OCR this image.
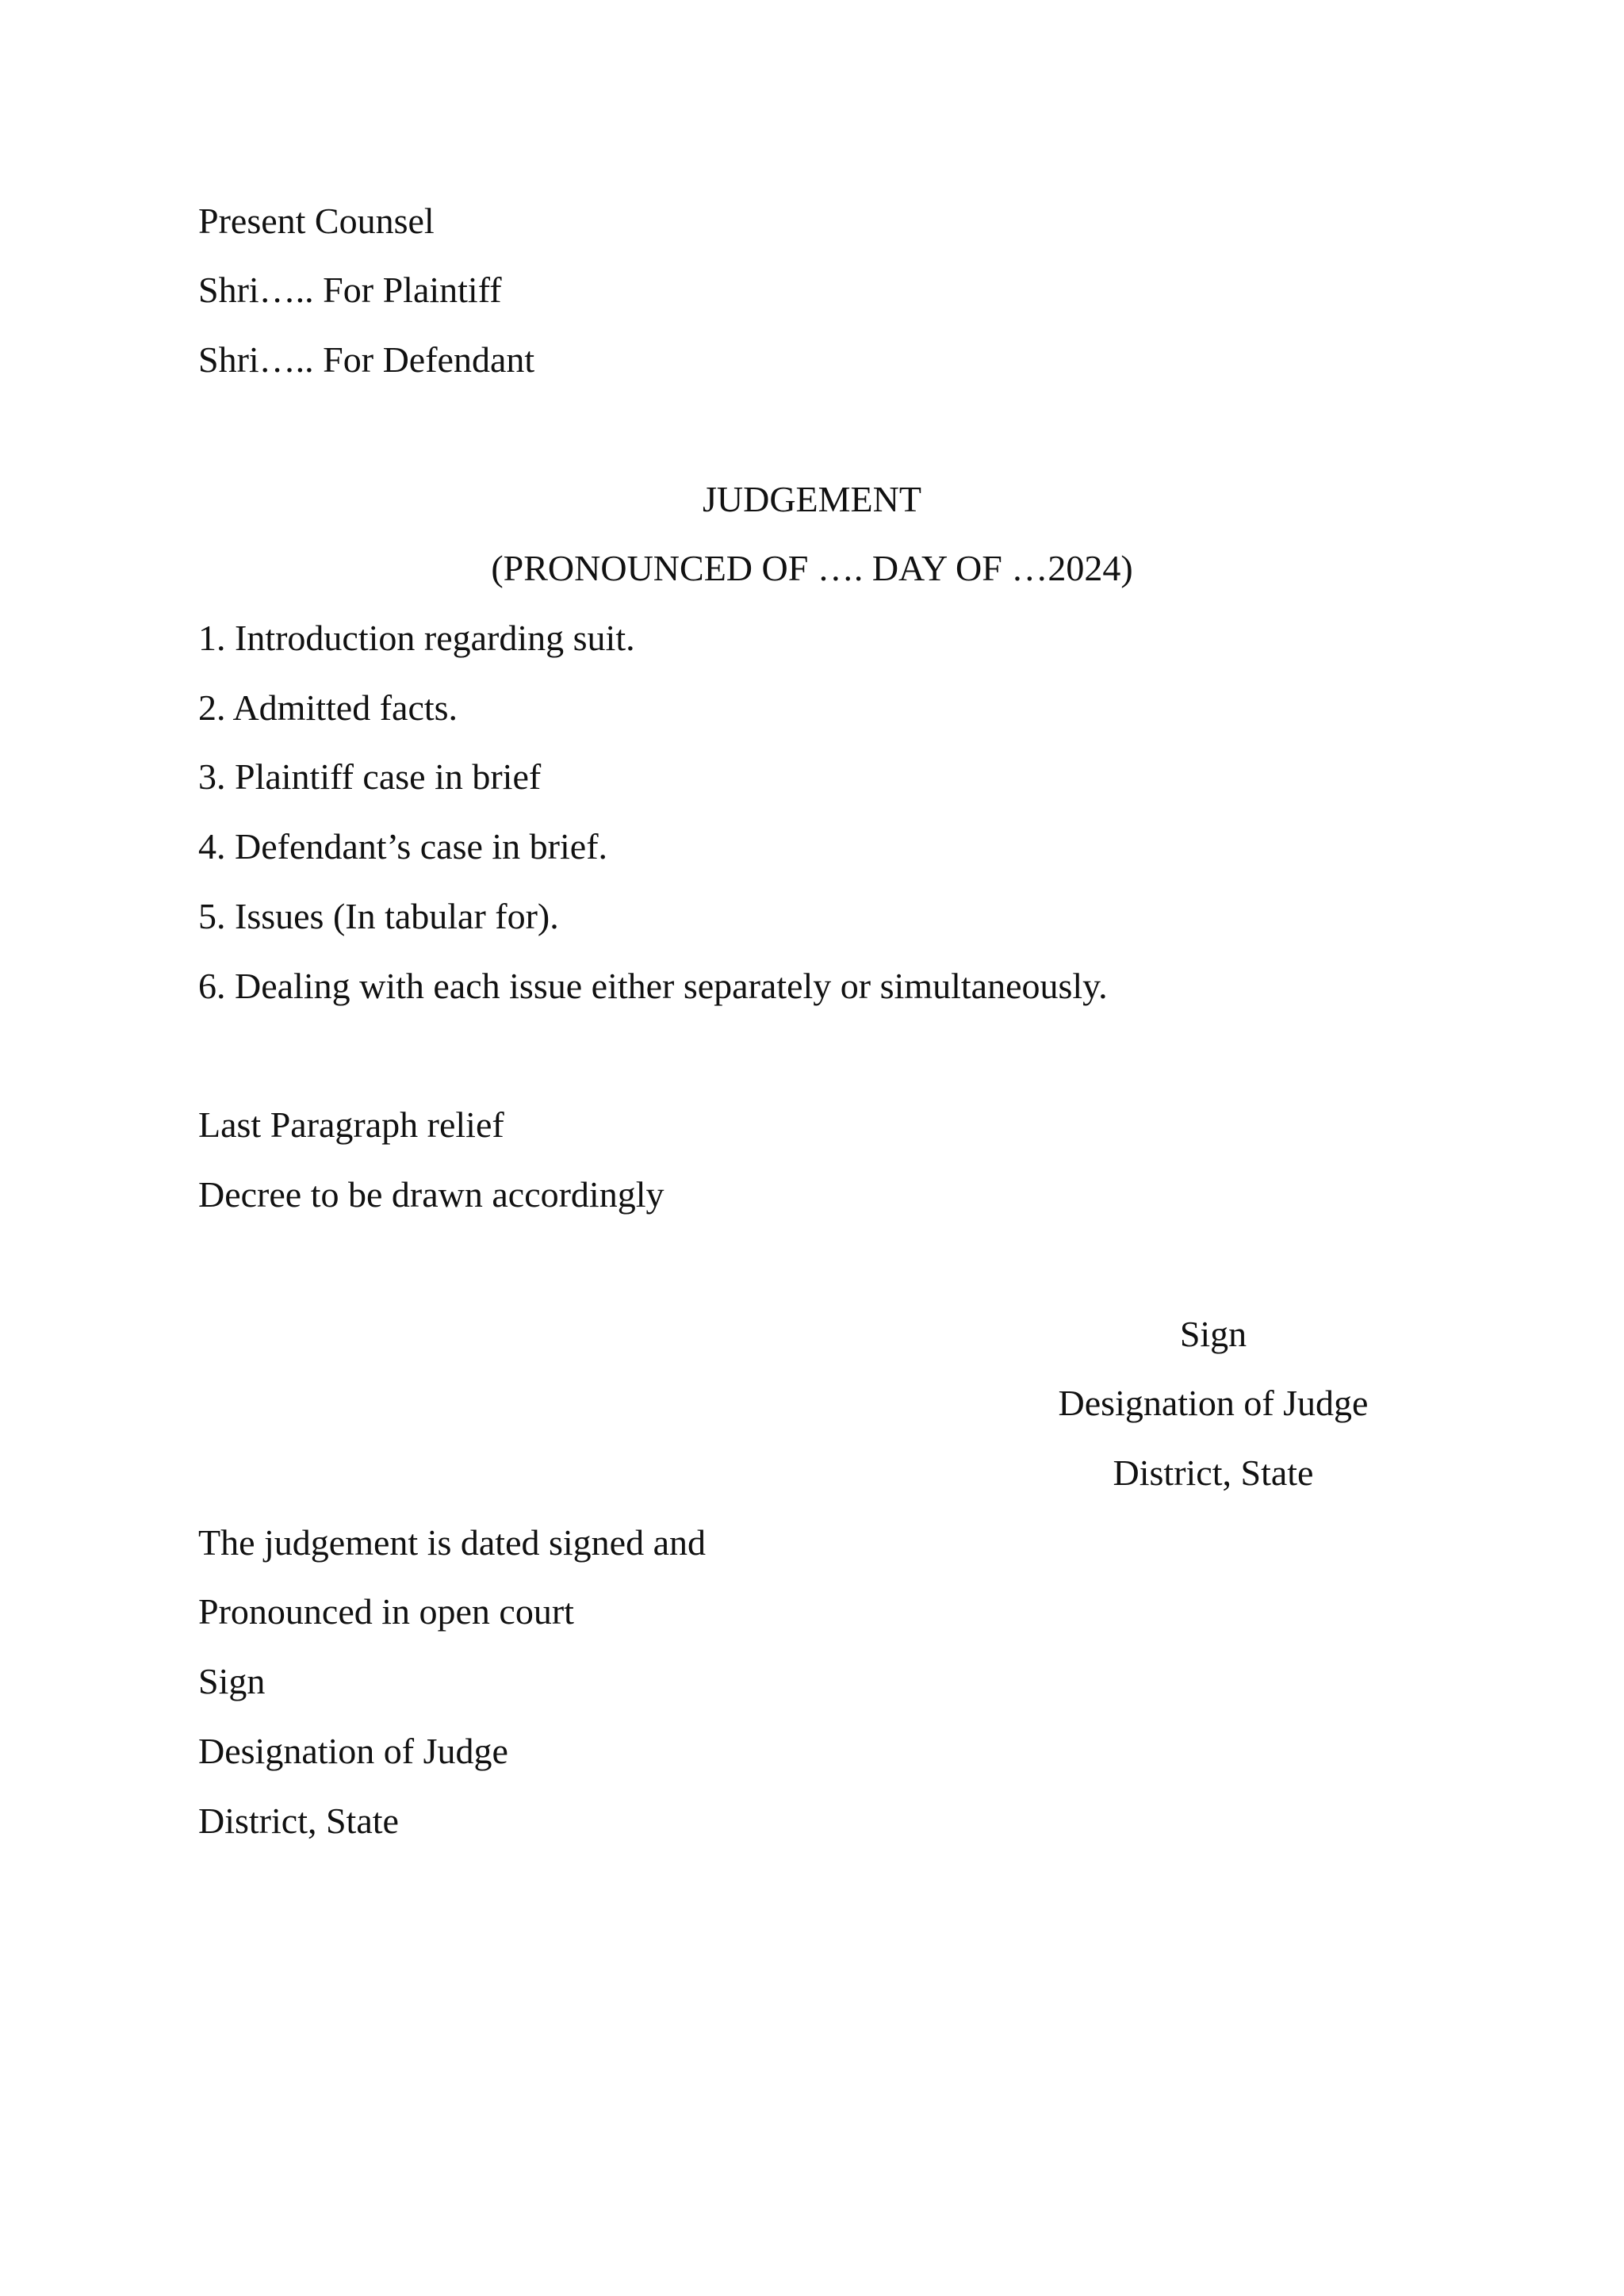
Present Counsel

Shri….. For Plaintiff

Shri….. For Defendant

JUDGEMENT

(PRONOUNCED OF …. DAY OF …2024)

1. Introduction regarding suit.

2. Admitted facts.

3. Plaintiff case in brief

4. Defendant’s case in brief.

5. Issues (In tabular for).

6. Dealing with each issue either separately or simultaneously.

Last Paragraph relief

Decree to be drawn accordingly

Sign

Designation of Judge

District, State

The judgement is dated signed and

Pronounced in open court

Sign

Designation of Judge

District, State
